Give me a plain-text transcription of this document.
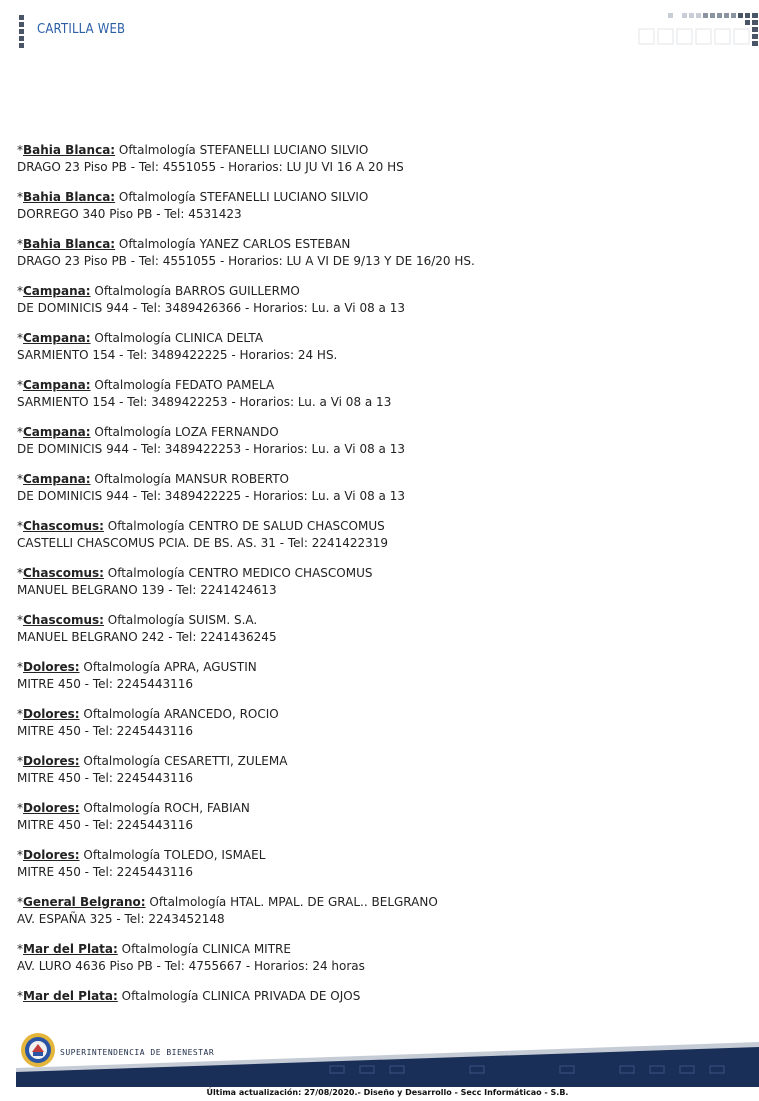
CARTILLA WEB
*Bahia Blanca: Oftalmología STEFANELLI LUCIANO SILVIO
DRAGO 23 Piso PB - Tel: 4551055 - Horarios: LU JU VI 16 A 20 HS
*Bahia Blanca: Oftalmología STEFANELLI LUCIANO SILVIO
DORREGO 340 Piso PB - Tel: 4531423
*Bahia Blanca: Oftalmología YANEZ CARLOS ESTEBAN
DRAGO 23 Piso PB - Tel: 4551055 - Horarios: LU A VI DE 9/13 Y DE 16/20 HS.
*Campana: Oftalmología BARROS GUILLERMO
DE DOMINICIS 944 - Tel: 3489426366 - Horarios: Lu. a Vi 08 a 13
*Campana: Oftalmología CLINICA DELTA
SARMIENTO 154 - Tel: 3489422225 - Horarios: 24 HS.
*Campana: Oftalmología FEDATO PAMELA
SARMIENTO 154 - Tel: 3489422253 - Horarios: Lu. a Vi 08 a 13
*Campana: Oftalmología LOZA FERNANDO
DE DOMINICIS 944 - Tel: 3489422253 - Horarios: Lu. a Vi 08 a 13
*Campana: Oftalmología MANSUR ROBERTO
DE DOMINICIS 944 - Tel: 3489422225 - Horarios: Lu. a Vi 08 a 13
*Chascomus: Oftalmología CENTRO DE SALUD CHASCOMUS
CASTELLI CHASCOMUS PCIA. DE BS. AS. 31 - Tel: 2241422319
*Chascomus: Oftalmología CENTRO MEDICO CHASCOMUS
MANUEL BELGRANO 139 - Tel: 2241424613
*Chascomus: Oftalmología SUISM. S.A.
MANUEL BELGRANO 242 - Tel: 2241436245
*Dolores: Oftalmología APRA, AGUSTIN
MITRE 450 - Tel: 2245443116
*Dolores: Oftalmología ARANCEDO, ROCIO
MITRE 450 - Tel: 2245443116
*Dolores: Oftalmología CESARETTI, ZULEMA
MITRE 450 - Tel: 2245443116
*Dolores: Oftalmología ROCH, FABIAN
MITRE 450 - Tel: 2245443116
*Dolores: Oftalmología TOLEDO, ISMAEL
MITRE 450 - Tel: 2245443116
*General Belgrano: Oftalmología HTAL. MPAL. DE GRAL.. BELGRANO
AV. ESPAÑA 325 - Tel: 2243452148
*Mar del Plata: Oftalmología CLINICA MITRE
AV. LURO 4636 Piso PB - Tel: 4755667 - Horarios: 24 horas
*Mar del Plata: Oftalmología CLINICA PRIVADA DE OJOS
SUPERINTENDENCIA DE BIENESTAR
Última actualización: 27/08/2020.- Diseño y Desarrollo - Secc Informáticao - S.B.
